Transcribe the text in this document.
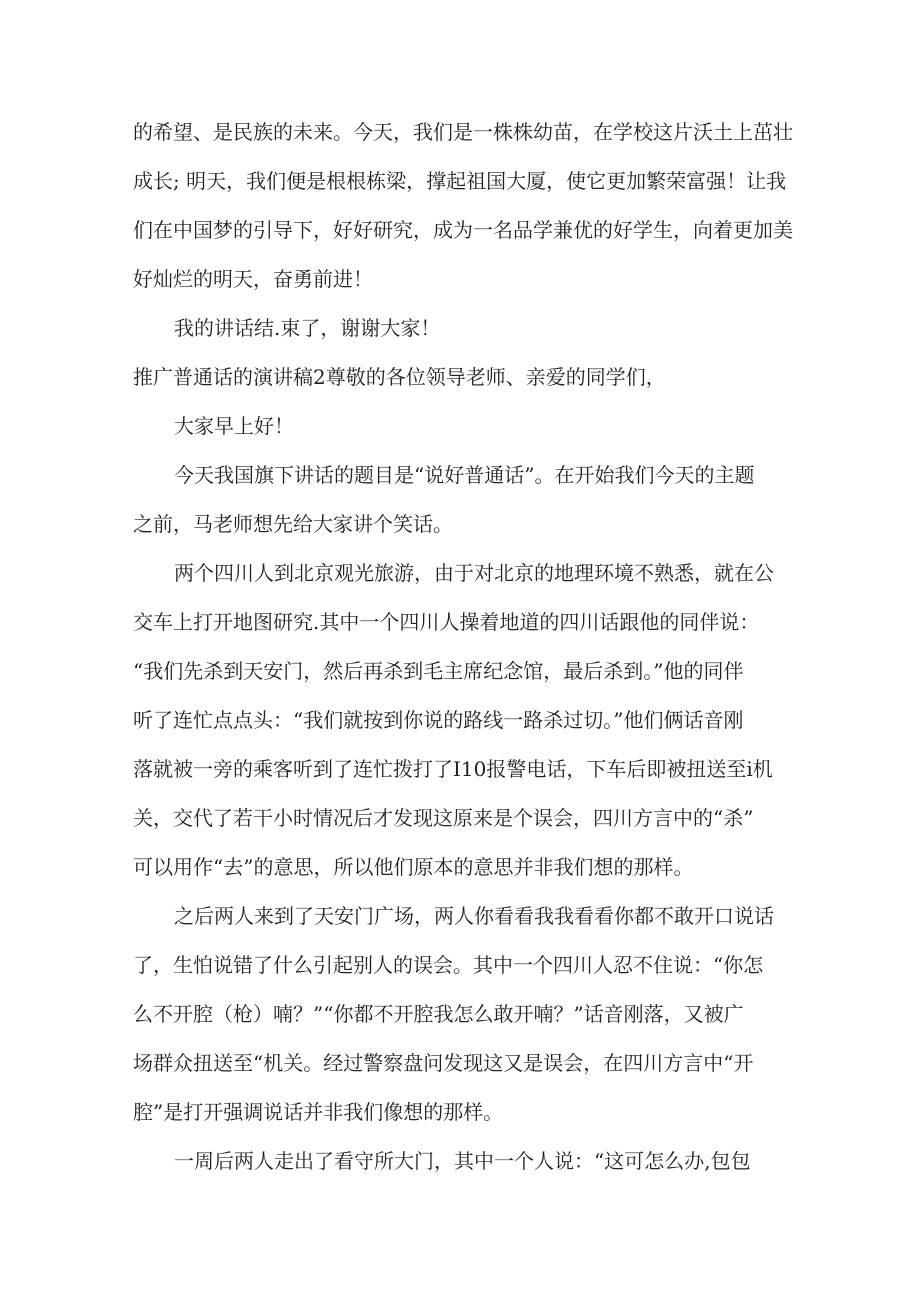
的希望、是民族的未来。今天，我们是一株株幼苗，在学校这片沃土上茁壮
成长; 明天，我们便是根根栋梁，撑起祖国大厦，使它更加繁荣富强！让我
们在中国梦的引导下，好好研究，成为一名品学兼优的好学生，向着更加美
好灿烂的明天，奋勇前进！
我的讲话结.束了，谢谢大家！
推广普通话的演讲稿2尊敬的各位领导老师、亲爱的同学们，
大家早上好！
今天我国旗下讲话的题目是“说好普通话”。在开始我们今天的主题
之前，马老师想先给大家讲个笑话。
两个四川人到北京观光旅游，由于对北京的地理环境不熟悉，就在公
交车上打开地图研究.其中一个四川人操着地道的四川话跟他的同伴说：
“我们先杀到天安门，然后再杀到毛主席纪念馆，最后杀到。”他的同伴
听了连忙点点头：“我们就按到你说的路线一路杀过切。”他们俩话音刚
落就被一旁的乘客听到了连忙拨打了I10报警电话，下车后即被扭送至i机
关，交代了若干小时情况后才发现这原来是个误会，四川方言中的“杀”
可以用作“去”的意思，所以他们原本的意思并非我们想的那样。
之后两人来到了天安门广场，两人你看看我我看看你都不敢开口说话
了，生怕说错了什么引起别人的误会。其中一个四川人忍不住说：“你怎
么不开腔（枪）喃？”“你都不开腔我怎么敢开喃？”话音刚落，又被广
场群众扭送至“机关。经过警察盘问发现这又是误会，在四川方言中“开
腔”是打开强调说话并非我们像想的那样。
一周后两人走出了看守所大门，其中一个人说：“这可怎么办,包包
